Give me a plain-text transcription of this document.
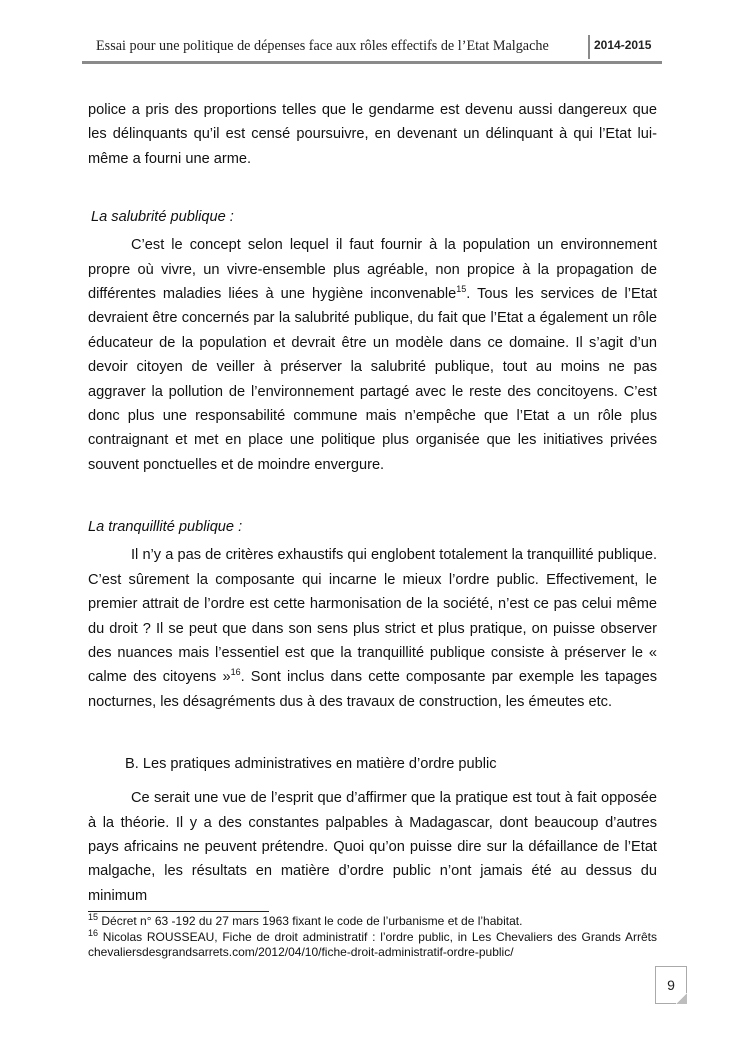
Essai pour une politique de dépenses face aux rôles effectifs de l’Etat Malgache	2014-2015

police a pris des proportions telles que le gendarme est devenu aussi dangereux que les délinquants qu’il est censé poursuivre, en devenant un délinquant à qui l’Etat lui-même a fourni une arme.

La salubrité publique :

C’est le concept selon lequel il faut fournir à la population un environnement propre où vivre, un vivre-ensemble plus agréable, non propice à la propagation de différentes maladies liées à une hygiène inconvenable$^{15}$. Tous les services de l’Etat devraient être concernés par la salubrité publique, du fait que l’Etat a également un rôle éducateur de la population et devrait être un modèle dans ce domaine. Il s’agit d’un devoir citoyen de veiller à préserver la salubrité publique, tout au moins ne pas aggraver la pollution de l’environnement partagé avec le reste des concitoyens. C’est donc plus une responsabilité commune mais n’empêche que l’Etat a un rôle plus contraignant et met en place une politique plus organisée que les initiatives privées souvent ponctuelles et de moindre envergure.

La tranquillité publique :

Il n’y a pas de critères exhaustifs qui englobent totalement la tranquillité publique. C’est sûrement la composante qui incarne le mieux l’ordre public. Effectivement, le premier attrait de l’ordre est cette harmonisation de la société, n’est ce pas celui même du droit ? Il se peut que dans son sens plus strict et plus pratique, on puisse observer des nuances mais l’essentiel est que la tranquillité publique consiste à préserver le « calme des citoyens »$^{16}$. Sont inclus dans cette composante par exemple les tapages nocturnes, les désagréments dus à des travaux de construction, les émeutes etc.

B. Les pratiques administratives en matière d’ordre public

Ce serait une vue de l’esprit que d’affirmer que la pratique est tout à fait opposée à la théorie. Il y a des constantes palpables à Madagascar, dont beaucoup d’autres pays africains ne peuvent prétendre. Quoi qu’on puisse dire sur la défaillance de l’Etat malgache, les résultats en matière d’ordre public n’ont jamais été au dessus du minimum

$^{15}$ Décret n° 63 -192 du 27 mars 1963 fixant le code de l’urbanisme et de l’habitat.

$^{16}$ Nicolas ROUSSEAU, Fiche de droit administratif : l’ordre public, in Les Chevaliers des Grands Arrêts chevaliersdesgrandsarrets.com/2012/04/10/fiche-droit-administratif-ordre-public/

9
